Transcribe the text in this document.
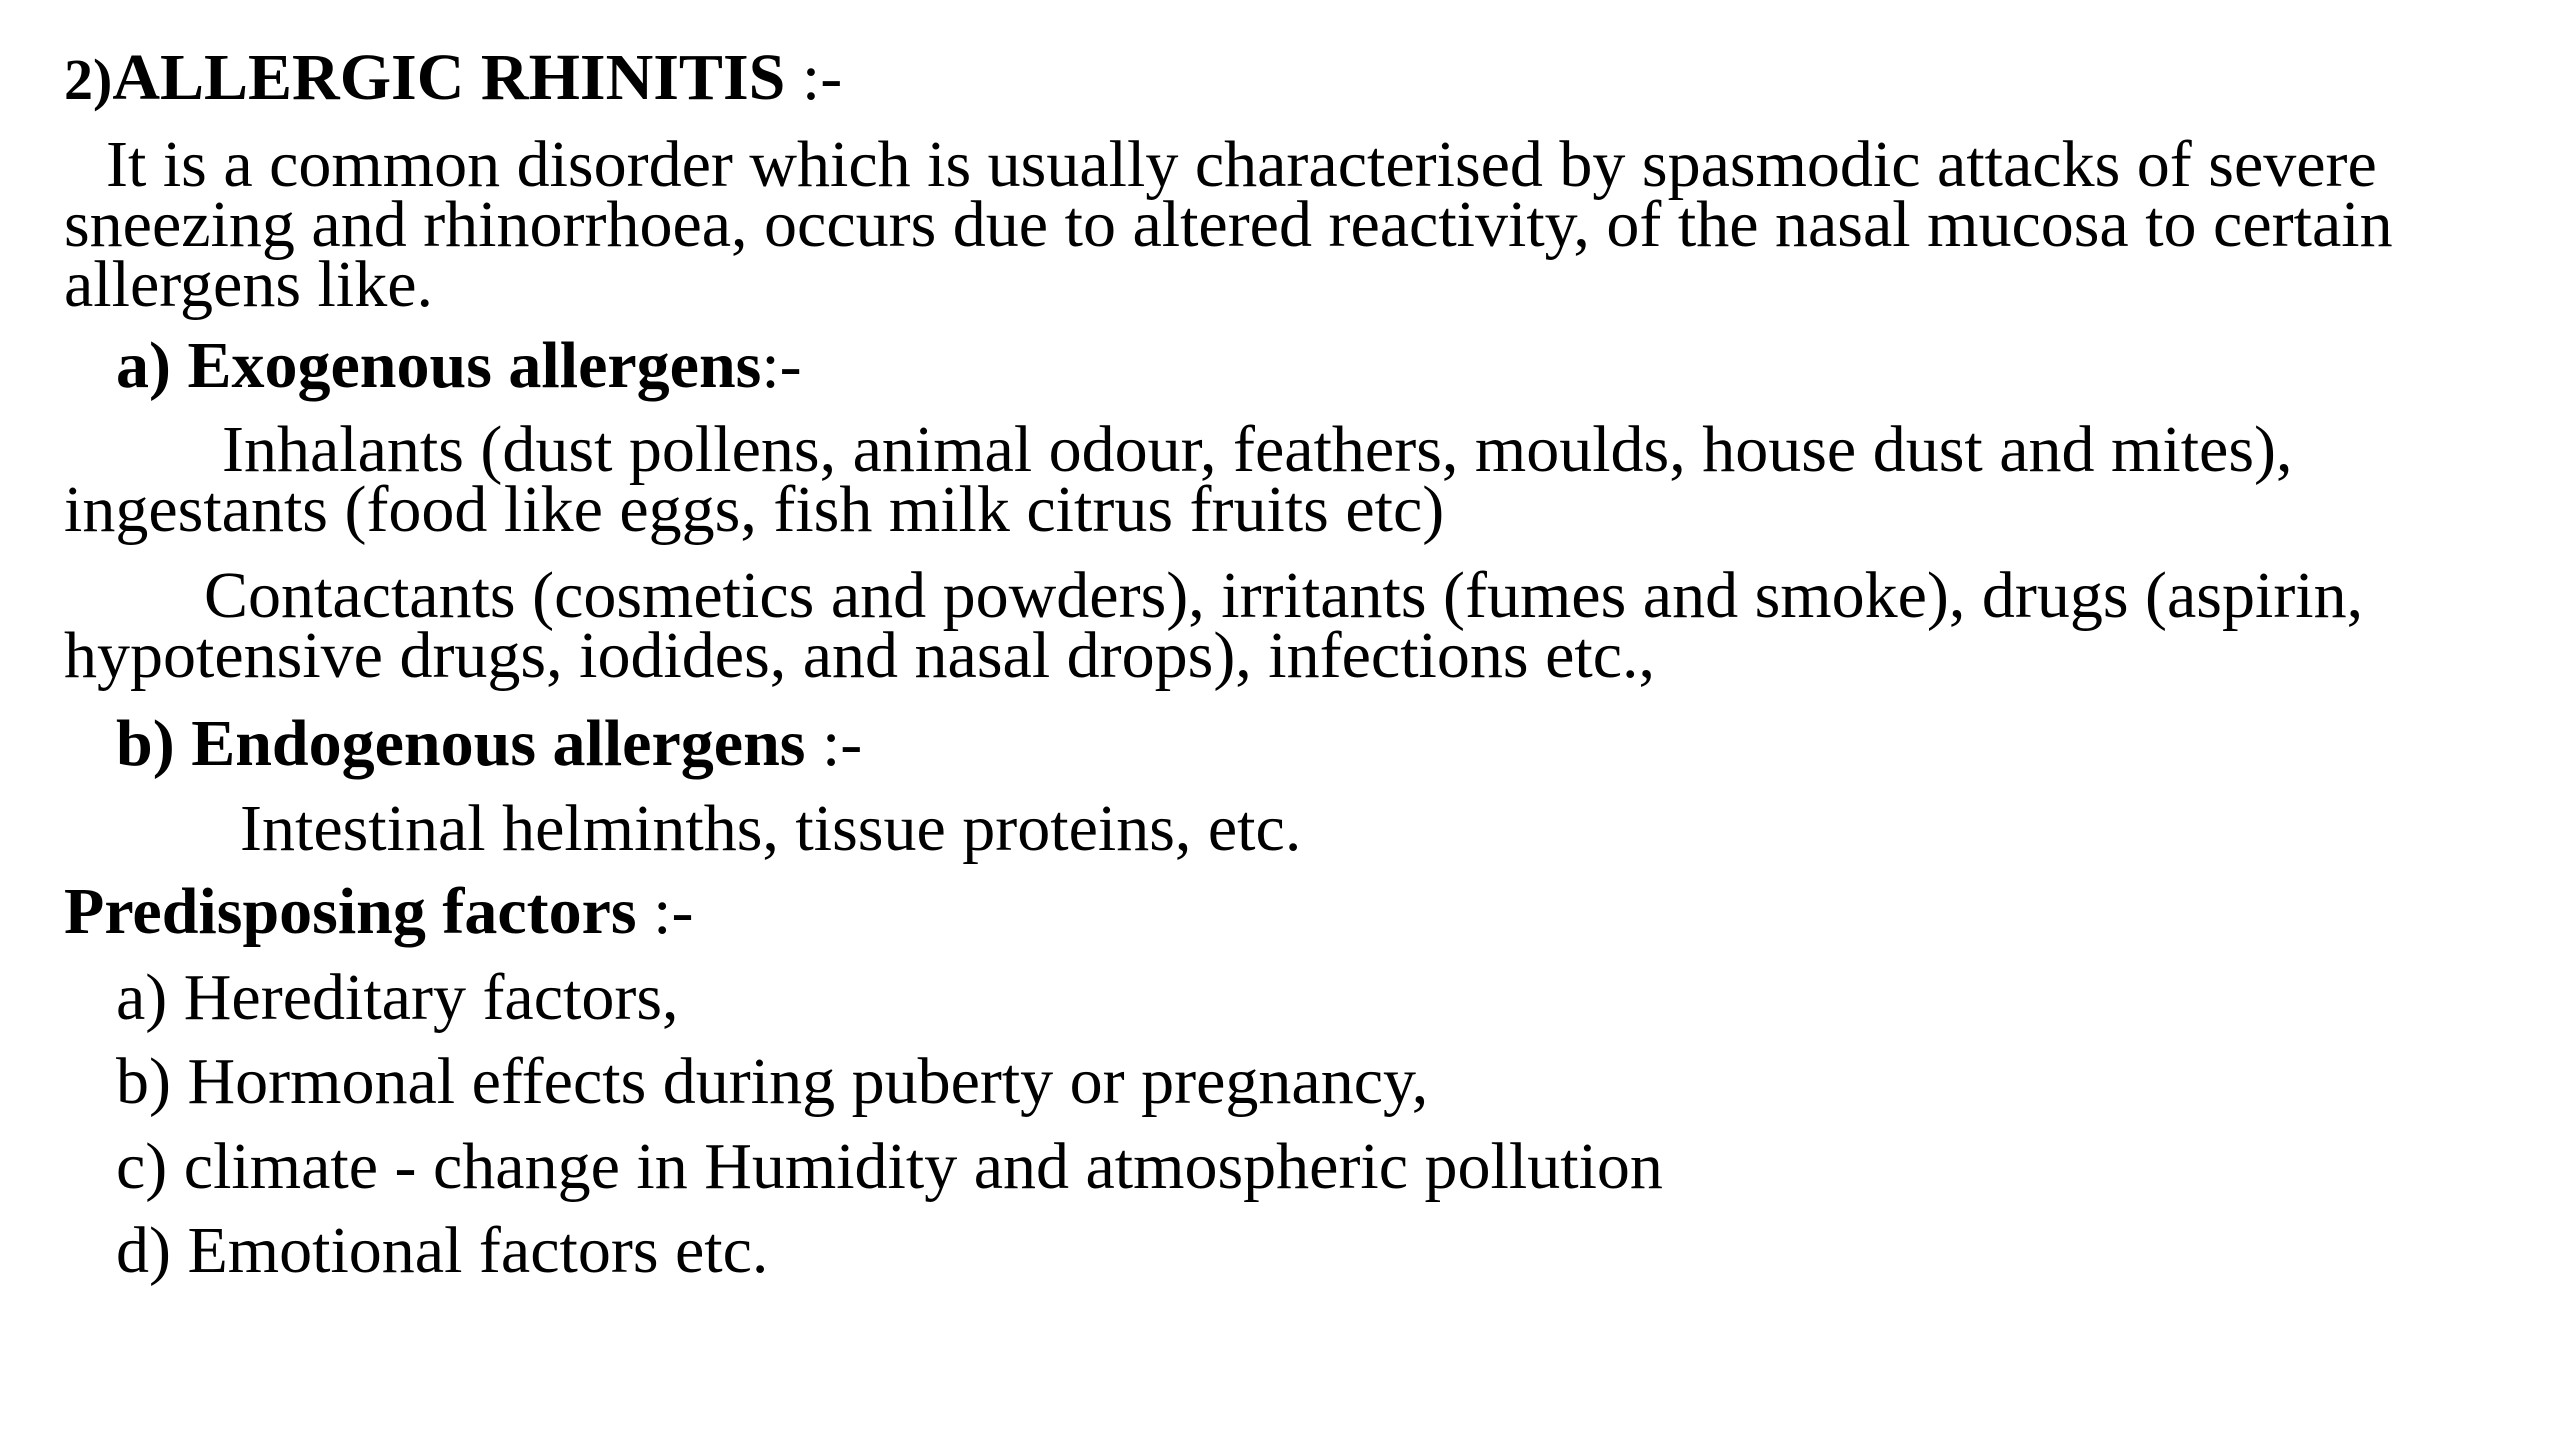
2)ALLERGIC RHINITIS :-
It is a common disorder which is usually characterised by spasmodic attacks of severe sneezing and rhinorrhoea, occurs due to altered reactivity, of the nasal mucosa to certain allergens like.
a) Exogenous allergens:-
Inhalants (dust pollens, animal odour, feathers, moulds, house dust and mites), ingestants (food like eggs, fish milk citrus fruits etc)
Contactants (cosmetics and powders), irritants (fumes and smoke), drugs (aspirin, hypotensive drugs, iodides, and nasal drops), infections etc.,
b) Endogenous allergens :-
Intestinal helminths, tissue proteins, etc.
Predisposing factors :-
a) Hereditary factors,
b) Hormonal effects during puberty or pregnancy,
c) climate - change in Humidity and atmospheric pollution
d) Emotional factors etc.
